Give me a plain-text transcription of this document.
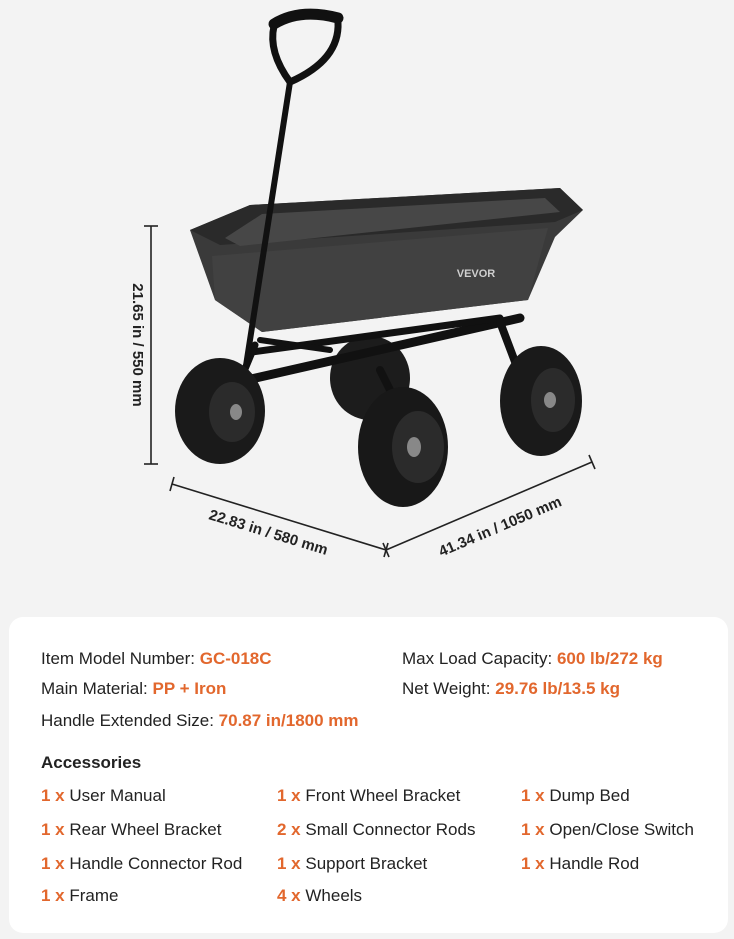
21.65 in / 550 mm
22.83 in / 580 mm	41.34 in / 1050 mm
VEVOR
Item Model Number: GC-018C
Main Material: PP + Iron
Handle Extended Size: 70.87 in/1800 mm
Max Load Capacity: 600 lb/272 kg
Net Weight: 29.76 lb/13.5 kg
Accessories
1 x User Manual
1 x Rear Wheel Bracket
1 x Handle Connector Rod
1 x Frame
1 x Front Wheel Bracket
2 x Small Connector Rods
1 x Support Bracket
4 x Wheels
1 x Dump Bed
1 x Open/Close Switch
1 x Handle Rod
